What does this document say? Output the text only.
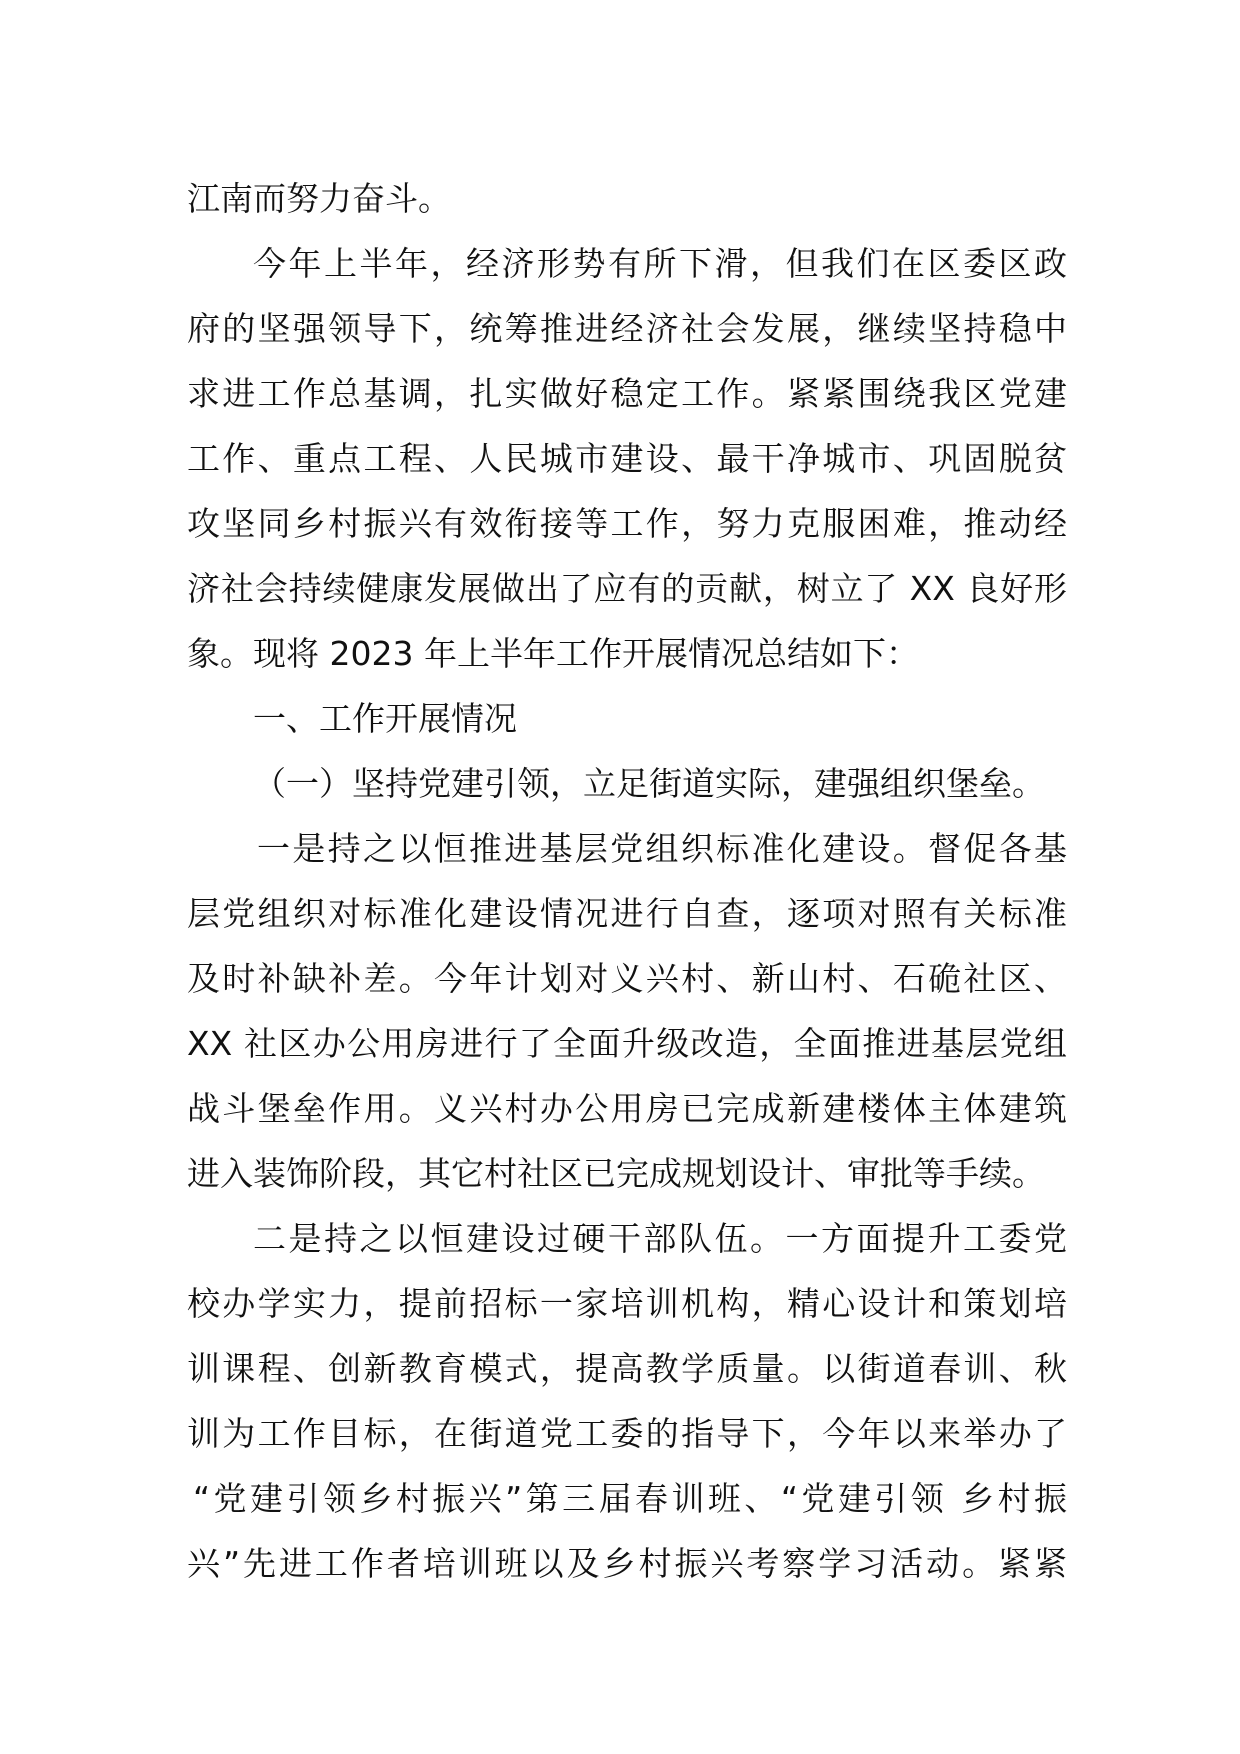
江南而努力奋斗。
今年上半年，经济形势有所下滑，但我们在区委区政
府的坚强领导下，统筹推进经济社会发展，继续坚持稳中
求进工作总基调，扎实做好稳定工作。紧紧围绕我区党建
工作、重点工程、人民城市建设、最干净城市、巩固脱贫
攻坚同乡村振兴有效衔接等工作，努力克服困难，推动经
济社会持续健康发展做出了应有的贡献，树立了 XX 良好形
象。现将 2023 年上半年工作开展情况总结如下：
一、工作开展情况
（一）坚持党建引领，立足街道实际，建强组织堡垒。
一是持之以恒推进基层党组织标准化建设。督促各基
层党组织对标准化建设情况进行自查，逐项对照有关标准
及时补缺补差。今年计划对义兴村、新山村、石硊社区、
XX 社区办公用房进行了全面升级改造，全面推进基层党组
战斗堡垒作用。义兴村办公用房已完成新建楼体主体建筑
进入装饰阶段，其它村社区已完成规划设计、审批等手续。
二是持之以恒建设过硬干部队伍。一方面提升工委党
校办学实力，提前招标一家培训机构，精心设计和策划培
训课程、创新教育模式，提高教学质量。以街道春训、秋
训为工作目标，在街道党工委的指导下，今年以来举办了
“党建引领乡村振兴”第三届春训班、“党建引领 乡村振
兴”先进工作者培训班以及乡村振兴考察学习活动。紧紧
